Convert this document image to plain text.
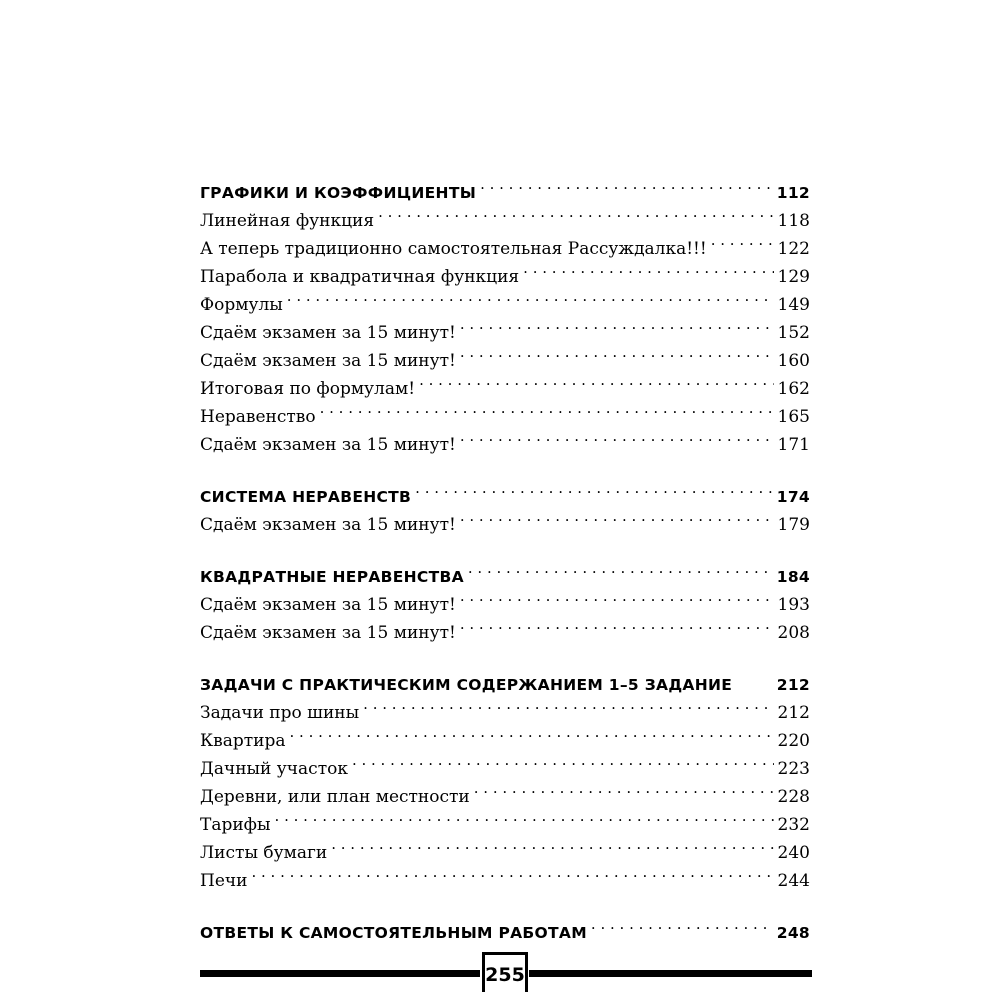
ГРАФИКИ И КОЭФФИЦИЕНТЫ . . .	112
Линейная функция . . .	118
А теперь традиционно самостоятельная Рассуждалка!!! . . .	122
Парабола и квадратичная функция . . .	129
Формулы . . .	149
Сдаём экзамен за 15 минут! . . .	152
Сдаём экзамен за 15 минут! . . .	160
Итоговая по формулам! . . .	162
Неравенство . . .	165
Сдаём экзамен за 15 минут! . . .	171
СИСТЕМА НЕРАВЕНСТВ . . .	174
Сдаём экзамен за 15 минут! . . .	179
КВАДРАТНЫЕ НЕРАВЕНСТВА . . .	184
Сдаём экзамен за 15 минут! . . .	193
Сдаём экзамен за 15 минут! . . .	208
ЗАДАЧИ С ПРАКТИЧЕСКИМ СОДЕРЖАНИЕМ 1–5 ЗАДАНИЕ	212
Задачи про шины . . .	212
Квартира . . .	220
Дачный участок . . .	223
Деревни, или план местности . . .	228
Тарифы . . .	232
Листы бумаги . . .	240
Печи . . .	244
ОТВЕТЫ К САМОСТОЯТЕЛЬНЫМ РАБОТАМ . . .	248
255
